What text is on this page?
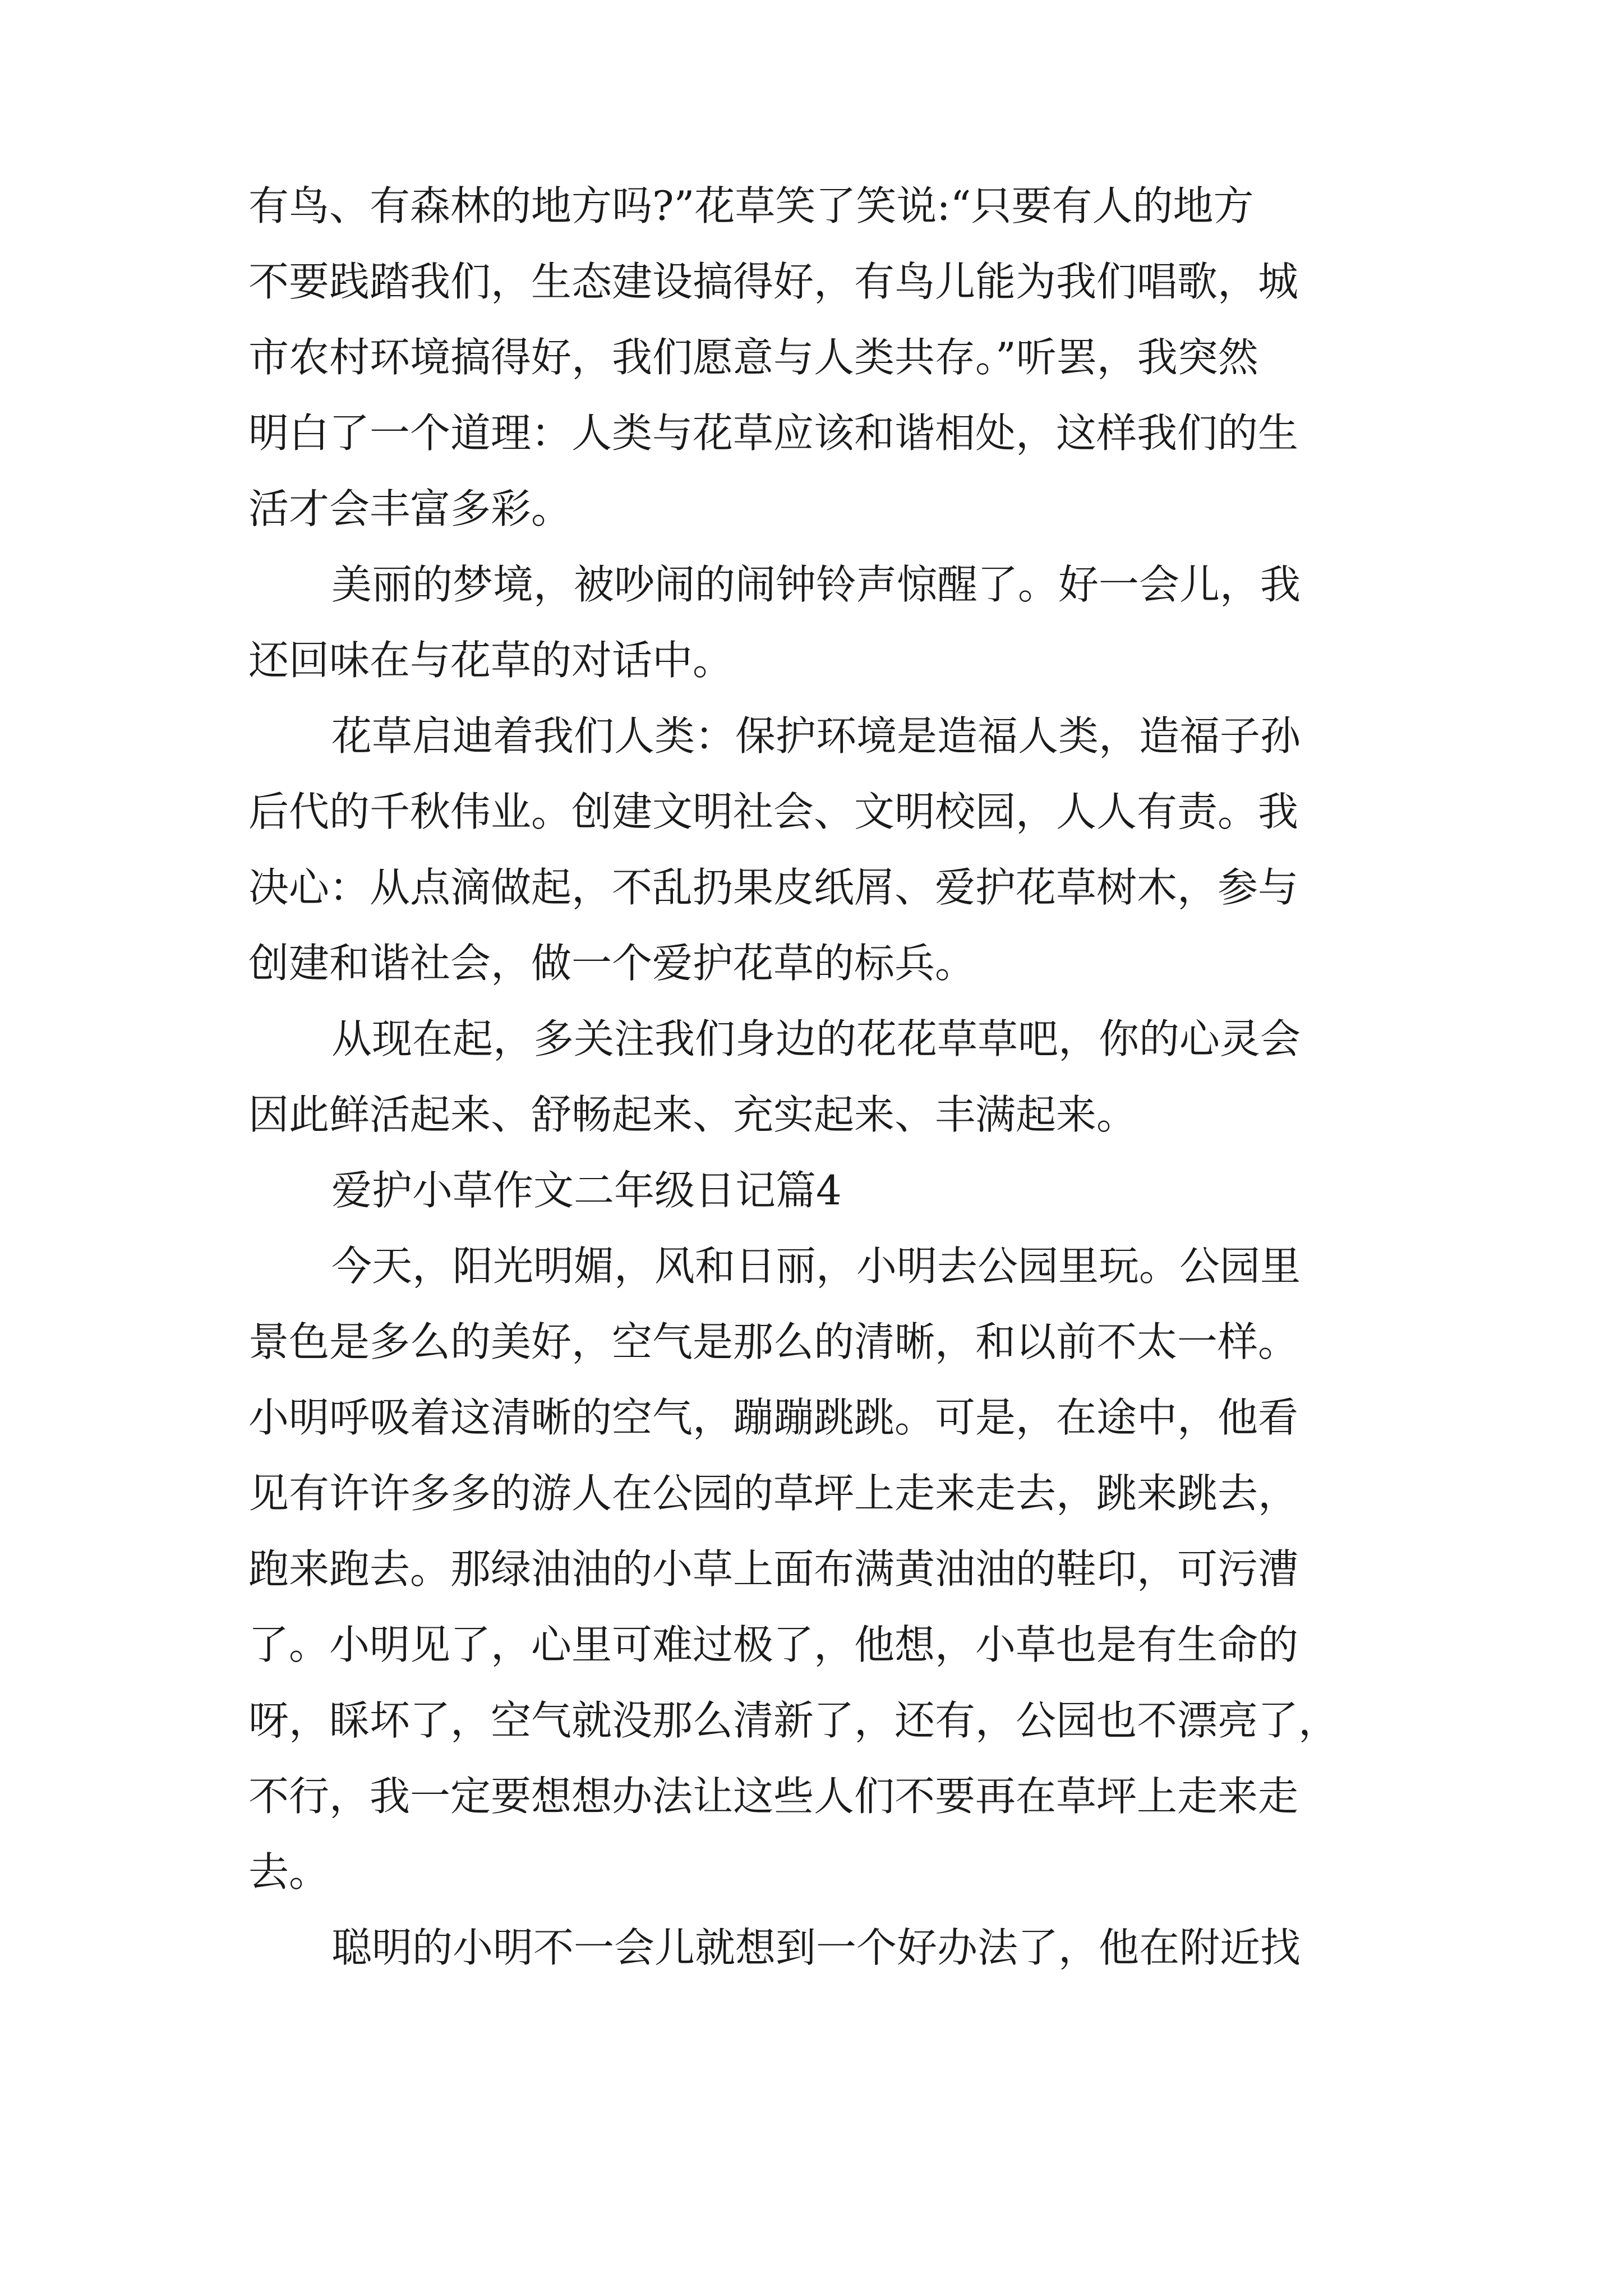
有鸟、有森林的地方吗?”花草笑了笑说:“只要有人的地方
不要践踏我们，生态建设搞得好，有鸟儿能为我们唱歌，城
市农村环境搞得好，我们愿意与人类共存。”听罢，我突然
明白了一个道理：人类与花草应该和谐相处，这样我们的生
活才会丰富多彩。
美丽的梦境，被吵闹的闹钟铃声惊醒了。好一会儿，我
还回味在与花草的对话中。
花草启迪着我们人类：保护环境是造福人类，造福子孙
后代的千秋伟业。创建文明社会、文明校园，人人有责。我
决心：从点滴做起，不乱扔果皮纸屑、爱护花草树木，参与
创建和谐社会，做一个爱护花草的标兵。
从现在起，多关注我们身边的花花草草吧，你的心灵会
因此鲜活起来、舒畅起来、充实起来、丰满起来。
爱护小草作文二年级日记篇4
今天，阳光明媚，风和日丽，小明去公园里玩。公园里
景色是多么的美好，空气是那么的清晰，和以前不太一样。
小明呼吸着这清晰的空气，蹦蹦跳跳。可是，在途中，他看
见有许许多多的游人在公园的草坪上走来走去，跳来跳去，
跑来跑去。那绿油油的小草上面布满黄油油的鞋印，可污漕
了。小明见了，心里可难过极了，他想，小草也是有生命的
呀，睬坏了，空气就没那么清新了，还有，公园也不漂亮了，
不行，我一定要想想办法让这些人们不要再在草坪上走来走
去。
聪明的小明不一会儿就想到一个好办法了，他在附近找
